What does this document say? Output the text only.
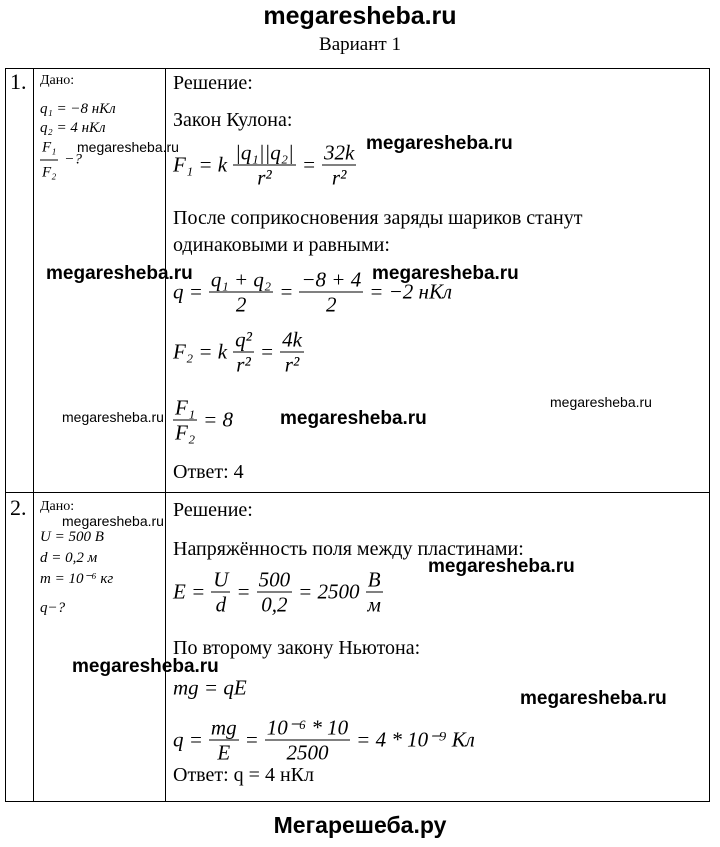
megaresheba.ru
Вариант 1
1. Дано:
q₁ = −8 нКл
q₂ = 4 нКл
$\frac{\text{F₁}}{\text{F₂}}$ −?
Решение:
Закон Кулона:
F₁ = k $\frac{\text{|q₁||q₂|}}{\text{r²}} = \frac{32k}{\text{r²}}$
После соприкосновения заряды шариков станут
одинаковыми и равными:
$q = \frac{\text{q₁ + q₂}}{2} = \frac{-8 + 4}{2} = -2$ нКл
F₂ = k $\frac{\text{q²}}{\text{r²}} = \frac{4k}{\text{r²}}$
$\frac{\text{F₁}}{\text{F₂}} = 8$
Ответ: 4
2. Дано:
U = 500 В
d = 0,2 м
m = 10⁻⁶ кг
q−?
Решение:
Напряжённость поля между пластинами:
$E = \frac{U}{d} = \frac{500}{0,2} = 2500 \frac{В}{м}$
По второму закону Ньютона:
mg = qE
$q = \frac{mg}{E} = \frac{\text{10⁻⁶ * 10}}{2500} = 4 * 10^{-9}$ Кл
Ответ: q = 4 нКл
megaresheba.ru	megaresheba.ru
megaresheba.ru	megaresheba.ru
megaresheba.ru	megaresheba.ru
megaresheba.ru
megaresheba.ru
megaresheba.ru
megaresheba.ru
megaresheba.ru
Мегарешеба.ру
